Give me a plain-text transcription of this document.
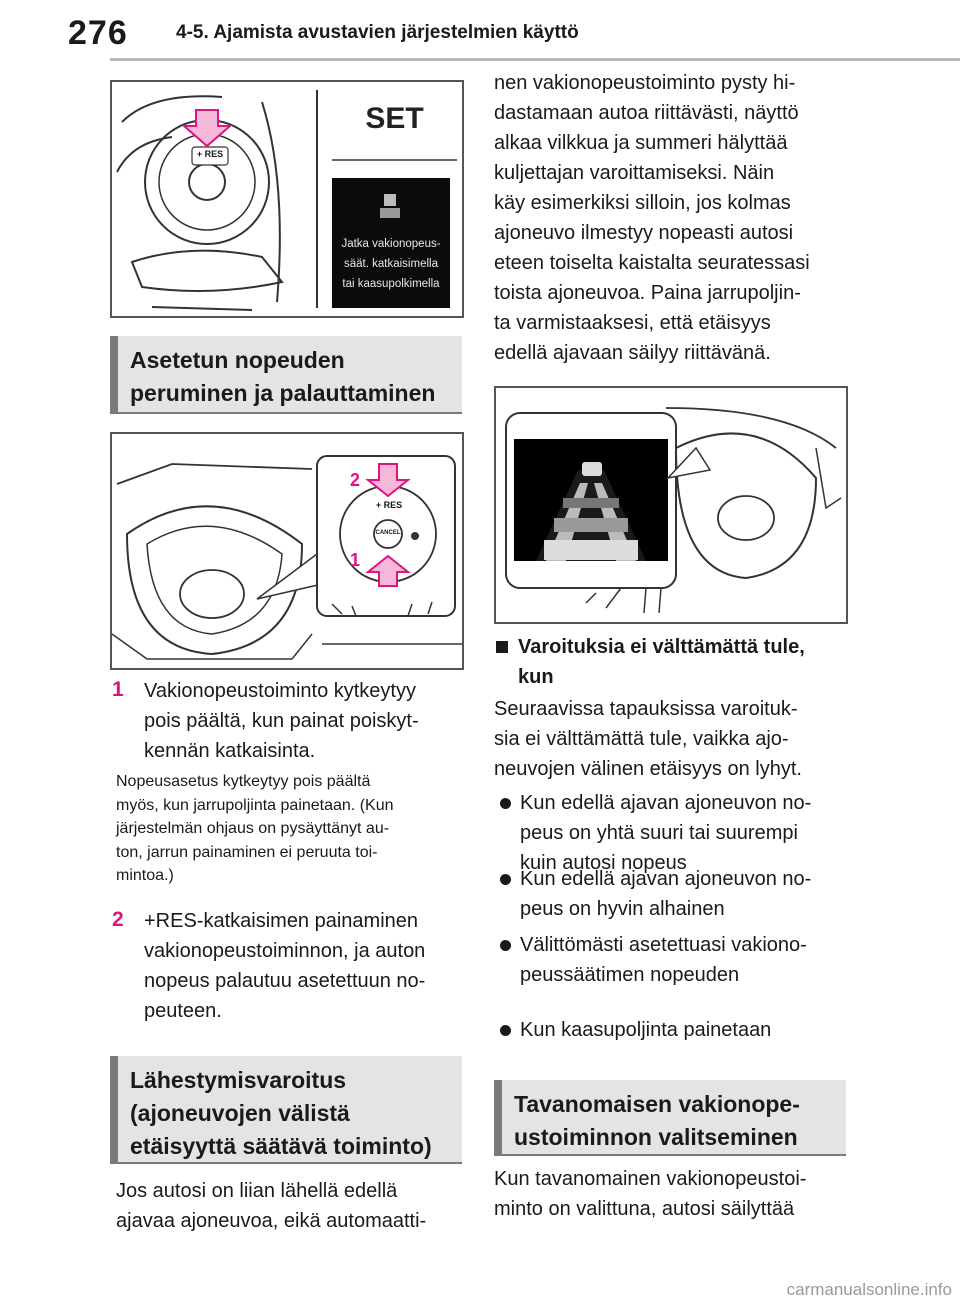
276	4-5. Ajamista avustavien järjestelmien käyttö
+ RES
SET
Jatka vakionopeus-
säät. katkaisimella
tai kaasupolkimella
Asetetun nopeuden
peruminen ja palauttaminen
+ RES
CANCEL
2
1
1 Vakionopeustoiminto kytkeytyy
pois päältä, kun painat poiskyt-
kennän katkaisinta.
Nopeusasetus kytkeytyy pois päältä
myös, kun jarrupoljinta painetaan. (Kun
järjestelmän ohjaus on pysäyttänyt au-
ton, jarrun painaminen ei peruuta toi-
mintoa.)
2 +RES-katkaisimen painaminen
vakionopeustoiminnon, ja auton
nopeus palautuu asetettuun no-
peuteen.
Lähestymisvaroitus
(ajoneuvojen välistä
etäisyyttä säätävä toiminto)
Jos autosi on liian lähellä edellä
ajavaa ajoneuvoa, eikä automaatti-
nen vakionopeustoiminto pysty hi-
dastamaan autoa riittävästi, näyttö
alkaa vilkkua ja summeri hälyttää
kuljettajan varoittamiseksi. Näin
käy esimerkiksi silloin, jos kolmas
ajoneuvo ilmestyy nopeasti autosi
eteen toiselta kaistalta seuratessasi
toista ajoneuvoa. Paina jarrupoljin-
ta varmistaaksesi, että etäisyys
edellä ajavaan säilyy riittävänä.
Varoituksia ei välttämättä tule,
kun
Seuraavissa tapauksissa varoituk-
sia ei välttämättä tule, vaikka ajo-
neuvojen välinen etäisyys on lyhyt.
Kun edellä ajavan ajoneuvon no-
peus on yhtä suuri tai suurempi
kuin autosi nopeus
Kun edellä ajavan ajoneuvon no-
peus on hyvin alhainen
Välittömästi asetettuasi vakiono-
peussäätimen nopeuden
Kun kaasupoljinta painetaan
Tavanomaisen vakionope-
ustoiminnon valitseminen
Kun tavanomainen vakionopeustoi-
minto on valittuna, autosi säilyttää
carmanualsonline.info
